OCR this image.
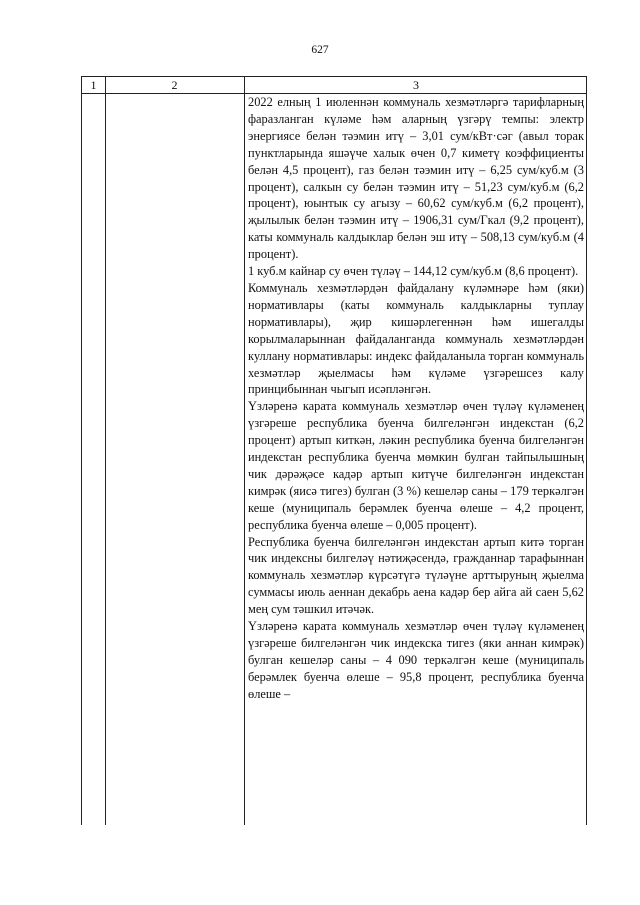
627
1	2	3

2022 елның 1 июленнән коммуналь хезмәтләргә тарифларның фаразланган күләме һәм аларның үзгәрү темпы: электр энергиясе белән тәэмин итү – 3,01 сум/кВт·сәг (авыл торак пунктларында яшәүче халык өчен 0,7 киметү коэффициенты белән 4,5 процент), газ белән тәэмин итү – 6,25 сум/куб.м (3 процент), салкын су белән тәэмин итү – 51,23 сум/куб.м (6,2 процент), юынтык су агызу – 60,62 сум/куб.м (6,2 процент), җылылык белән тәэмин итү – 1906,31 сум/Гкал (9,2 процент), каты коммуналь калдыклар белән эш итү – 508,13 сум/куб.м (4 процент).

1 куб.м кайнар су өчен түләү – 144,12 сум/куб.м (8,6 процент).

Коммуналь хезмәтләрдән файдалану күләмнәре һәм (яки) нормативлары (каты коммуналь калдыкларны туплау нормативлары), җир кишәрлегеннән һәм ишегалды корылмаларыннан файдаланганда коммуналь хезмәтләрдән куллану нормативлары: индекс файдаланыла торган коммуналь хезмәтләр җыелмасы һәм күләме үзгәрешсез калу принцибыннан чыгып исәпләнгән.

Үзләренә карата коммуналь хезмәтләр өчен түләү күләменең үзгәреше республика буенча билгеләнгән индекстан (6,2 процент) артып киткән, ләкин республика буенча билгеләнгән индекстан республика буенча мөмкин булган тайпылышның чик дәрәҗәсе кадәр артып китүче билгеләнгән индекстан кимрәк (яисә тигез) булган (3 %) кешеләр саны – 179 теркәлгән кеше (муниципаль берәмлек буенча өлеше – 4,2 процент, республика буенча өлеше – 0,005 процент).

Республика буенча билгеләнгән индекстан артып китә торган чик индексны билгеләү нәтиҗәсендә, гражданнар тарафыннан коммуналь хезмәтләр күрсәтүгә түләүне арттыруның җыелма суммасы июль аеннан декабрь аена кадәр бер айга ай саен 5,62 мең сум тәшкил итәчәк.

Үзләренә карата коммуналь хезмәтләр өчен түләү күләменең үзгәреше билгеләнгән чик индекска тигез (яки аннан кимрәк) булган кешеләр саны – 4 090 теркәлгән кеше (муниципаль берәмлек буенча өлеше – 95,8 процент, республика буенча өлеше –
